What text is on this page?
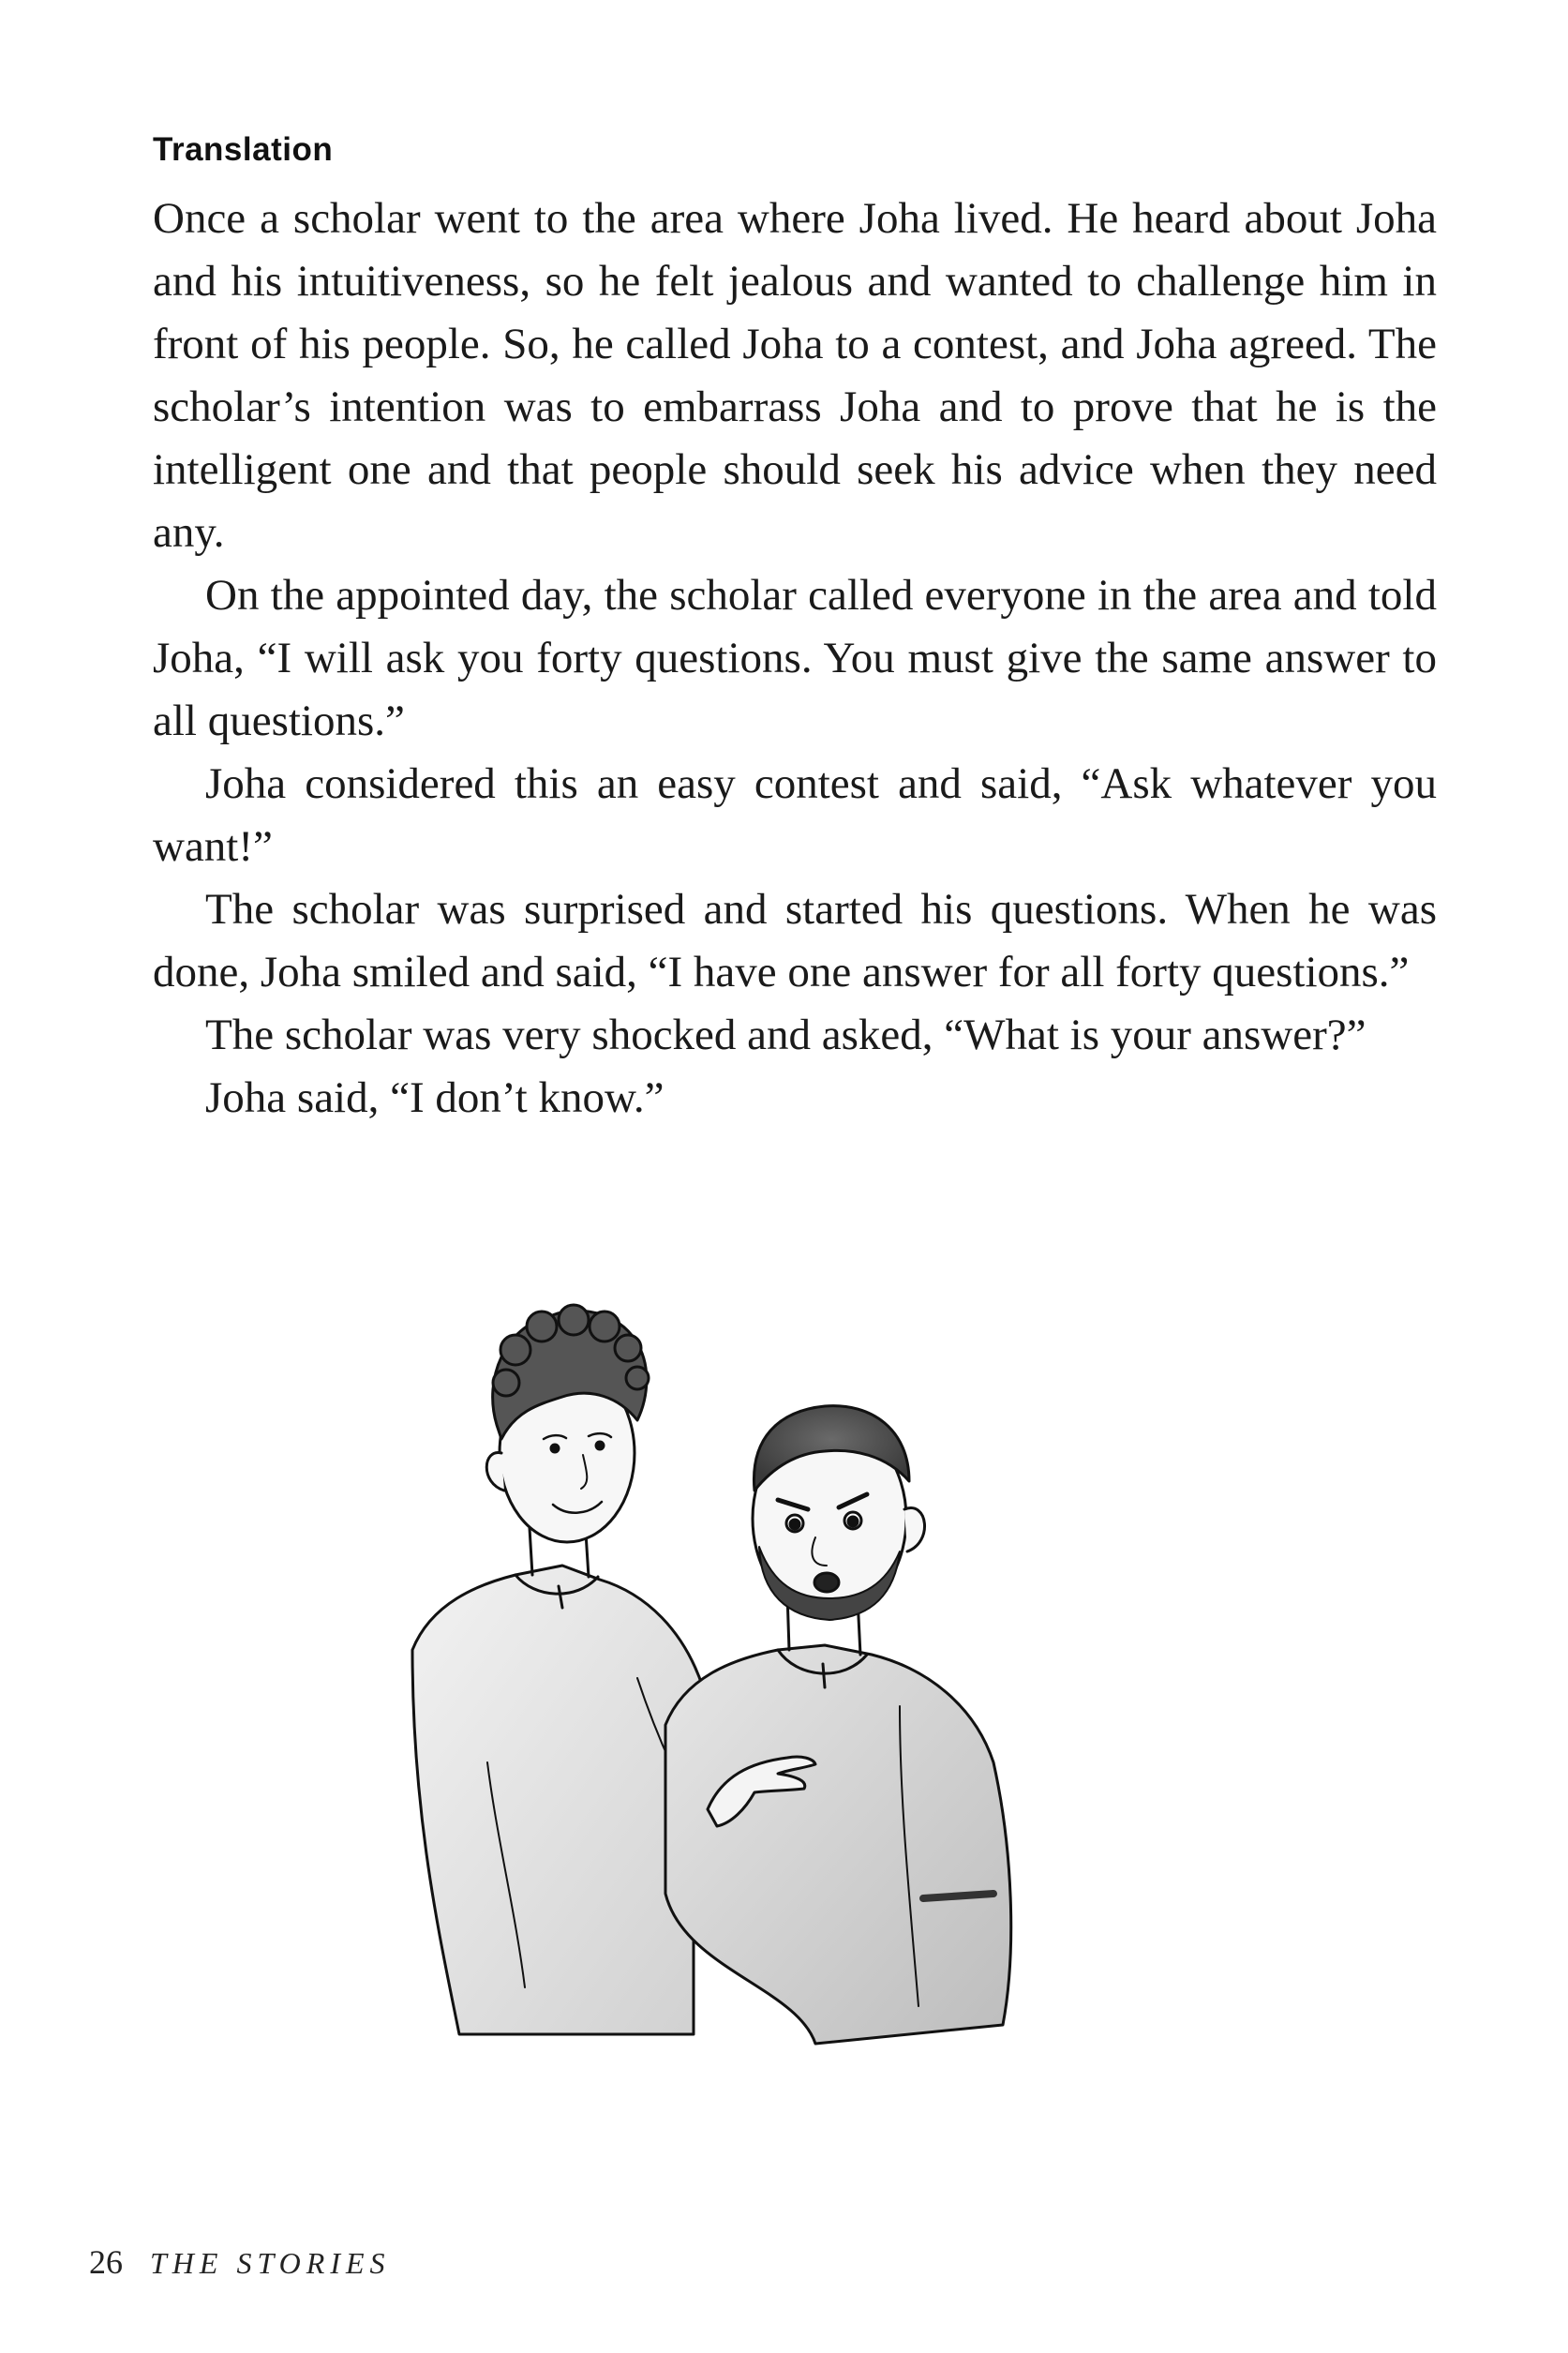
Translation

Once a scholar went to the area where Joha lived. He heard about Joha and his intuitiveness, so he felt jealous and wanted to challenge him in front of his people. So, he called Joha to a contest, and Joha agreed. The scholar’s intention was to embarrass Joha and to prove that he is the intelligent one and that people should seek his advice when they need any.

On the appointed day, the scholar called everyone in the area and told Joha, “I will ask you forty questions. You must give the same answer to all questions.”

Joha considered this an easy contest and said, “Ask whatever you want!”

The scholar was surprised and started his questions. When he was done, Joha smiled and said, “I have one answer for all forty questions.”

The scholar was very shocked and asked, “What is your answer?”

Joha said, “I don’t know.”

26 THE STORIES
